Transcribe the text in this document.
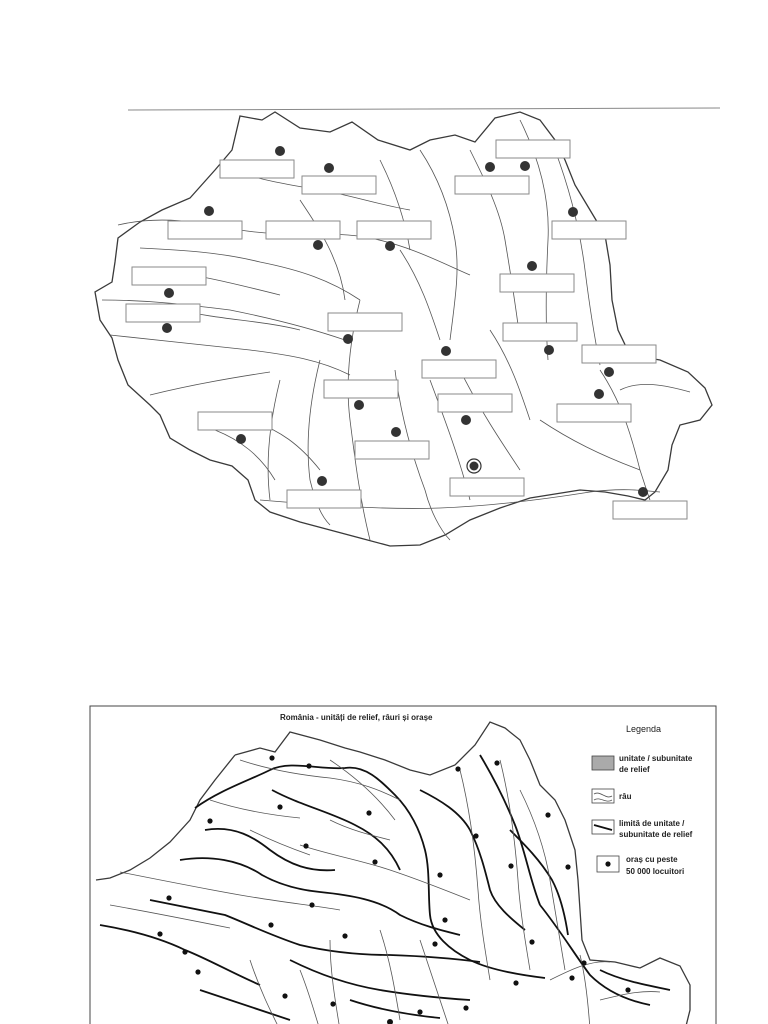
România - unități de relief, râuri și orașe
Legenda
unitate / subunitate
de relief
râu
limită de unitate /
subunitate de relief
oraș cu peste
50 000 locuitori
